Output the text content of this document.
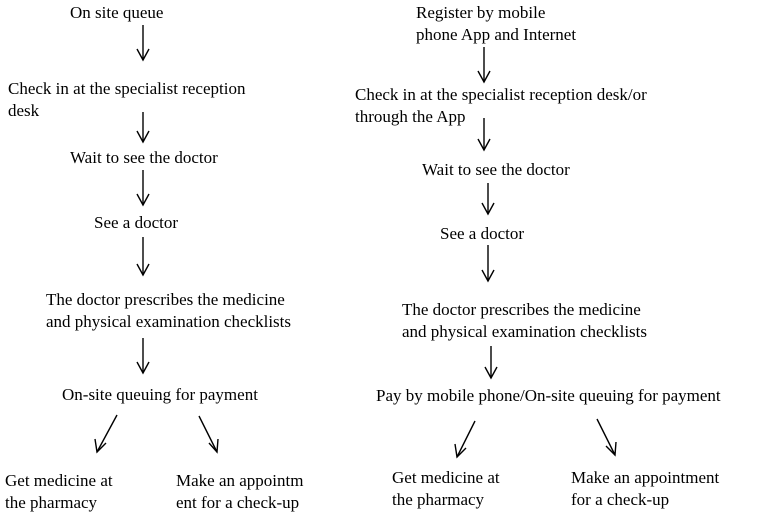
On site queue
Check in at the specialist reception
desk
Wait to see the doctor
See a doctor
The doctor prescribes the medicine
and physical examination checklists
On-site queuing for payment
Get medicine at
the pharmacy
Make an appointm
ent for a check-up
Register by mobile
phone App and Internet
Check in at the specialist reception desk/or
through the App
Wait to see the doctor
See a doctor
The doctor prescribes the medicine
and physical examination checklists
Pay by mobile phone/On-site queuing for payment
Get medicine at
the pharmacy
Make an appointment
for a check-up
